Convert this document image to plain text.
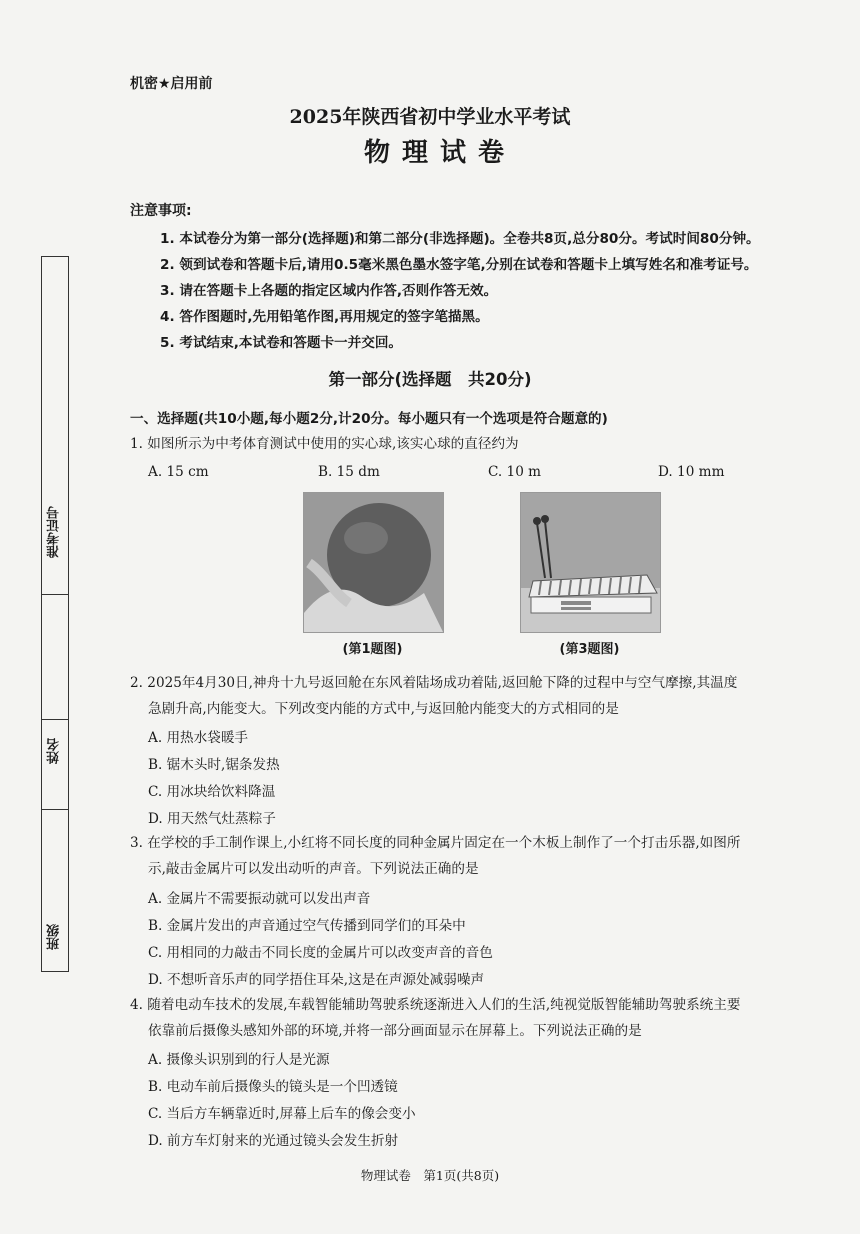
准考证号
姓名
班级
机密★启用前
2025年陕西省初中学业水平考试
物理试卷
注意事项:
1. 本试卷分为第一部分(选择题)和第二部分(非选择题)。全卷共8页,总分80分。考试时间80分钟。
2. 领到试卷和答题卡后,请用0.5毫米黑色墨水签字笔,分别在试卷和答题卡上填写姓名和准考证号。
3. 请在答题卡上各题的指定区域内作答,否则作答无效。
4. 答作图题时,先用铅笔作图,再用规定的签字笔描黑。
5. 考试结束,本试卷和答题卡一并交回。
第一部分(选择题　共20分)
一、选择题(共10小题,每小题2分,计20分。每小题只有一个选项是符合题意的)
1. 如图所示为中考体育测试中使用的实心球,该实心球的直径约为
A. 15 cm	B. 15 dm	C. 10 m	D. 10 mm
(第1题图)	(第3题图)
2. 2025年4月30日,神舟十九号返回舱在东风着陆场成功着陆,返回舱下降的过程中与空气摩擦,其温度
急剧升高,内能变大。下列改变内能的方式中,与返回舱内能变大的方式相同的是
A. 用热水袋暖手
B. 锯木头时,锯条发热
C. 用冰块给饮料降温
D. 用天然气灶蒸粽子
3. 在学校的手工制作课上,小红将不同长度的同种金属片固定在一个木板上制作了一个打击乐器,如图所
示,敲击金属片可以发出动听的声音。下列说法正确的是
A. 金属片不需要振动就可以发出声音
B. 金属片发出的声音通过空气传播到同学们的耳朵中
C. 用相同的力敲击不同长度的金属片可以改变声音的音色
D. 不想听音乐声的同学捂住耳朵,这是在声源处减弱噪声
4. 随着电动车技术的发展,车载智能辅助驾驶系统逐渐进入人们的生活,纯视觉版智能辅助驾驶系统主要
依靠前后摄像头感知外部的环境,并将一部分画面显示在屏幕上。下列说法正确的是
A. 摄像头识别到的行人是光源
B. 电动车前后摄像头的镜头是一个凹透镜
C. 当后方车辆靠近时,屏幕上后车的像会变小
D. 前方车灯射来的光通过镜头会发生折射
物理试卷　第1页(共8页)
